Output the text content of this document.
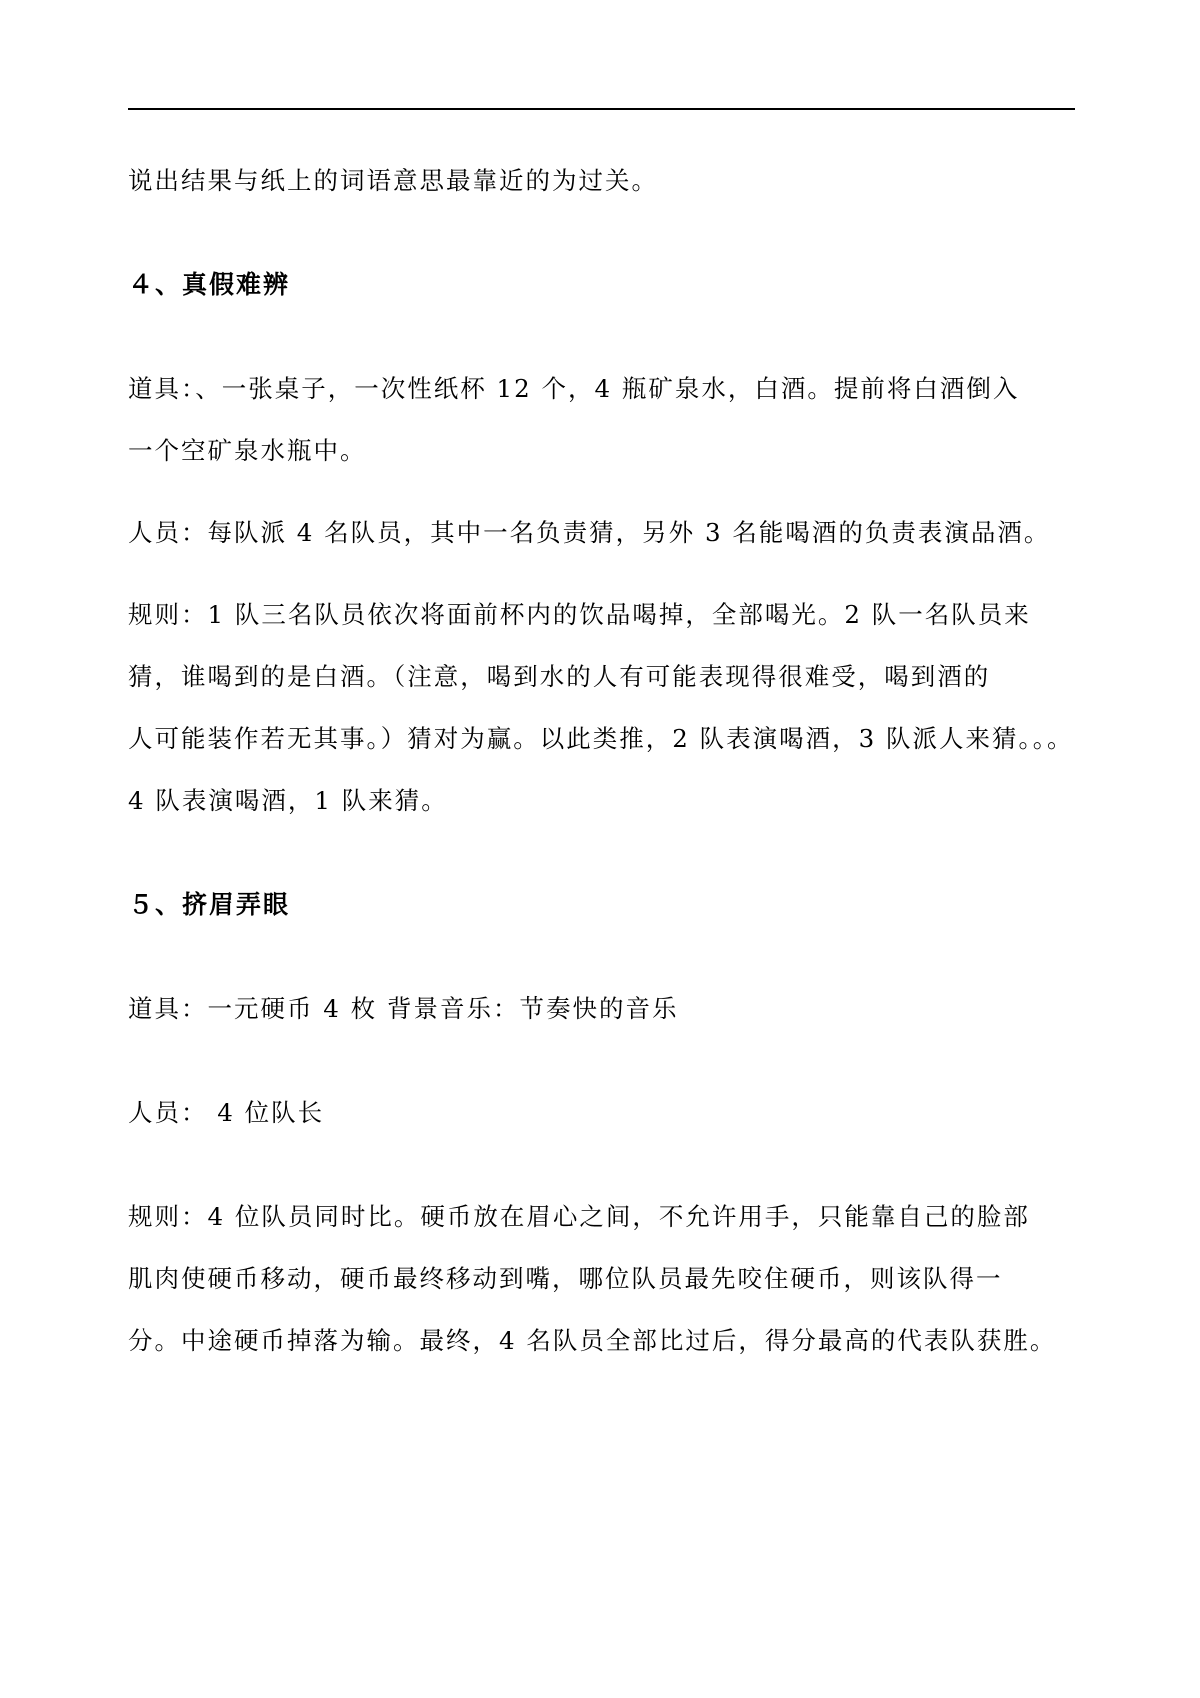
说出结果与纸上的词语意思最靠近的为过关。

４、真假难辨

道具：、一张桌子，一次性纸杯 12 个，4 瓶矿泉水，白酒。提前将白酒倒入

一个空矿泉水瓶中。

人员：每队派 4 名队员，其中一名负责猜，另外 3 名能喝酒的负责表演品酒。

规则：1 队三名队员依次将面前杯内的饮品喝掉，全部喝光。2 队一名队员来

猜，谁喝到的是白酒。（注意，喝到水的人有可能表现得很难受，喝到酒的

人可能装作若无其事。）猜对为赢。以此类推，2 队表演喝酒，3 队派人来猜。。。

4 队表演喝酒，1 队来猜。

５、挤眉弄眼

道具：一元硬币 4 枚 背景音乐：节奏快的音乐

人员： 4 位队长

规则：4 位队员同时比。硬币放在眉心之间，不允许用手，只能靠自己的脸部

肌肉使硬币移动，硬币最终移动到嘴，哪位队员最先咬住硬币，则该队得一

分。中途硬币掉落为输。最终，4 名队员全部比过后，得分最高的代表队获胜。
